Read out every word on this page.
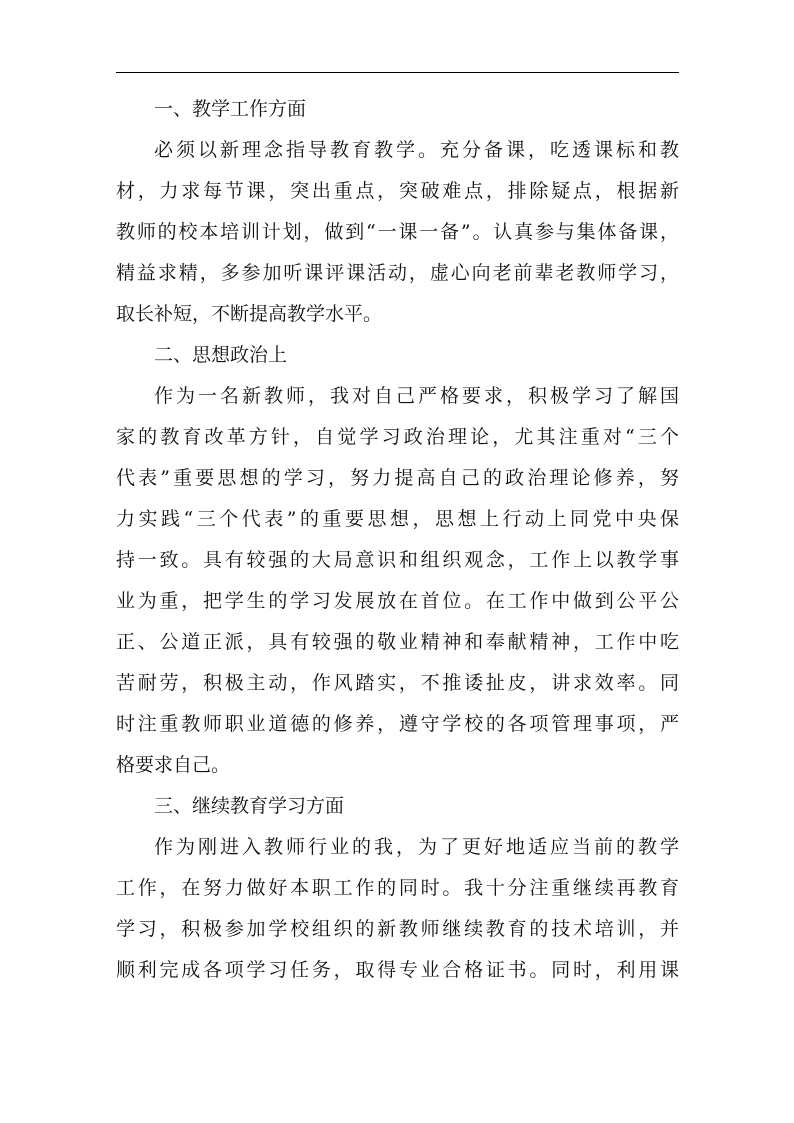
一、教学工作方面
必须以新理念指导教育教学。充分备课，吃透课标和教
材，力求每节课，突出重点，突破难点，排除疑点，根据新
教师的校本培训计划，做到“一课一备”。认真参与集体备课，
精益求精，多参加听课评课活动，虚心向老前辈老教师学习，
取长补短，不断提高教学水平。
二、思想政治上
作为一名新教师，我对自己严格要求，积极学习了解国
家的教育改革方针，自觉学习政治理论，尤其注重对“三个
代表”重要思想的学习，努力提高自己的政治理论修养，努
力实践“三个代表”的重要思想，思想上行动上同党中央保
持一致。具有较强的大局意识和组织观念，工作上以教学事
业为重，把学生的学习发展放在首位。在工作中做到公平公
正、公道正派，具有较强的敬业精神和奉献精神，工作中吃
苦耐劳，积极主动，作风踏实，不推诿扯皮，讲求效率。同
时注重教师职业道德的修养，遵守学校的各项管理事项，严
格要求自己。
三、继续教育学习方面
作为刚进入教师行业的我，为了更好地适应当前的教学
工作，在努力做好本职工作的同时。我十分注重继续再教育
学习，积极参加学校组织的新教师继续教育的技术培训，并
顺利完成各项学习任务，取得专业合格证书。同时，利用课
